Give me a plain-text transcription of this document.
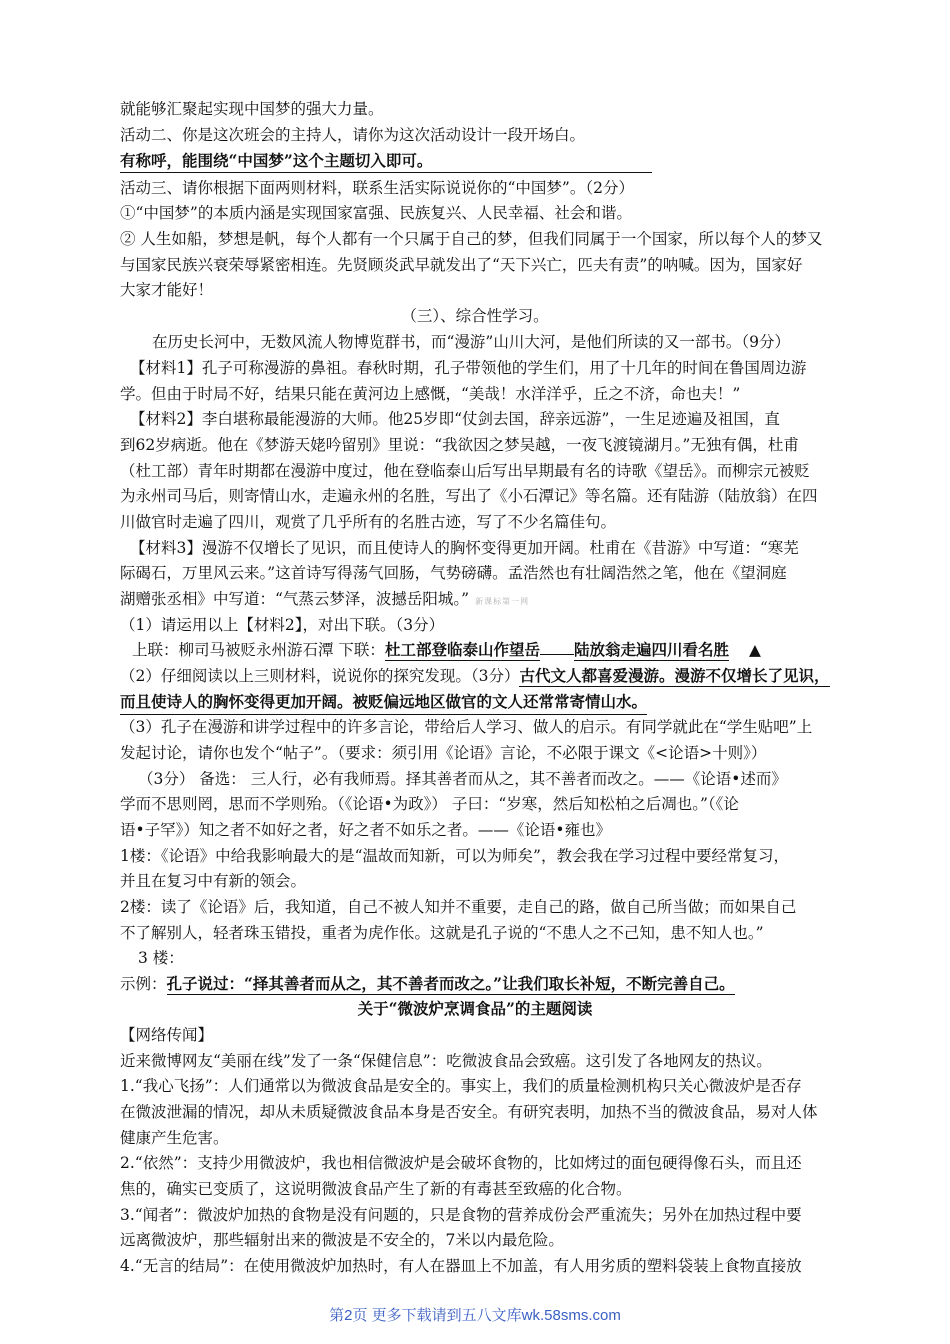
就能够汇聚起实现中国梦的强大力量。
活动二、你是这次班会的主持人，请你为这次活动设计一段开场白。
有称呼，能围绕“中国梦”这个主题切入即可。
活动三、请你根据下面两则材料，联系生活实际说说你的“中国梦”。（2分）
①“中国梦”的本质内涵是实现国家富强、民族复兴、人民幸福、社会和谐。
② 人生如船，梦想是帆，每个人都有一个只属于自己的梦，但我们同属于一个国家，所以每个人的梦又
与国家民族兴衰荣辱紧密相连。先贤顾炎武早就发出了“天下兴亡，匹夫有责”的呐喊。因为，国家好
大家才能好！
（三）、综合性学习。
在历史长河中，无数风流人物博览群书，而“漫游”山川大河，是他们所读的又一部书。（9分）
【材料1】孔子可称漫游的鼻祖。春秋时期，孔子带领他的学生们，用了十几年的时间在鲁国周边游
学。但由于时局不好，结果只能在黄河边上感慨，“美哉！水洋洋乎，丘之不济，命也夫！”
【材料2】李白堪称最能漫游的大师。他25岁即“仗剑去国，辞亲远游”，一生足迹遍及祖国，直
到62岁病逝。他在《梦游天姥吟留别》里说：“我欲因之梦吴越，一夜飞渡镜湖月。”无独有偶，杜甫
（杜工部）青年时期都在漫游中度过，他在登临泰山后写出早期最有名的诗歌《望岳》。而柳宗元被贬
为永州司马后，则寄情山水，走遍永州的名胜，写出了《小石潭记》等名篇。还有陆游（陆放翁）在四
川做官时走遍了四川，观赏了几乎所有的名胜古迹，写了不少名篇佳句。
【材料3】漫游不仅增长了见识，而且使诗人的胸怀变得更加开阔。杜甫在《昔游》中写道：“寒芜
际碣石，万里风云来。”这首诗写得荡气回肠，气势磅礴。孟浩然也有壮阔浩然之笔，他在《望洞庭
湖赠张丞相》中写道：“气蒸云梦泽，波撼岳阳城。” 新课标第一网
（1）请运用以上【材料2】，对出下联。（3分）
上联：柳司马被贬永州游石潭 下联：杜工部登临泰山作望岳 陆放翁走遍四川看名胜 ▲
（2）仔细阅读以上三则材料，说说你的探究发现。（3分）古代文人都喜爱漫游。漫游不仅增长了见识，
而且使诗人的胸怀变得更加开阔。被贬偏远地区做官的文人还常常寄情山水。
（3）孔子在漫游和讲学过程中的许多言论，带给后人学习、做人的启示。有同学就此在“学生贴吧”上
发起讨论，请你也发个“帖子”。（要求：须引用《论语》言论，不必限于课文《<论语>十则》）
（3分） 备选： 三人行，必有我师焉。择其善者而从之，其不善者而改之。——《论语•述而》
学而不思则罔，思而不学则殆。（《论语•为政》） 子曰：“岁寒，然后知松柏之后凋也。”（《论
语•子罕》）知之者不如好之者，好之者不如乐之者。——《论语•雍也》
1楼：《论语》中给我影响最大的是“温故而知新，可以为师矣”，教会我在学习过程中要经常复习，
并且在复习中有新的领会。
2楼：读了《论语》后，我知道，自己不被人知并不重要，走自己的路，做自己所当做；而如果自己
不了解别人，轻者珠玉错投，重者为虎作伥。这就是孔子说的“不患人之不己知，患不知人也。”
3 楼：
示例：孔子说过：“择其善者而从之，其不善者而改之。”让我们取长补短，不断完善自己。
关于“微波炉烹调食品”的主题阅读
【网络传闻】
近来微博网友“美丽在线”发了一条“保健信息”：吃微波食品会致癌。这引发了各地网友的热议。
1.“我心飞扬”：人们通常以为微波食品是安全的。事实上，我们的质量检测机构只关心微波炉是否存
在微波泄漏的情况，却从未质疑微波食品本身是否安全。有研究表明，加热不当的微波食品，易对人体
健康产生危害。
2.“依然”：支持少用微波炉，我也相信微波炉是会破坏食物的，比如烤过的面包硬得像石头，而且还
焦的，确实已变质了，这说明微波食品产生了新的有毒甚至致癌的化合物。
3.“闻者”：微波炉加热的食物是没有问题的，只是食物的营养成份会严重流失；另外在加热过程中要
远离微波炉，那些辐射出来的微波是不安全的，7米以内最危险。
4.“无言的结局”：在使用微波炉加热时，有人在器皿上不加盖，有人用劣质的塑料袋装上食物直接放
第2页 更多下载请到五八文库wk.58sms.com
